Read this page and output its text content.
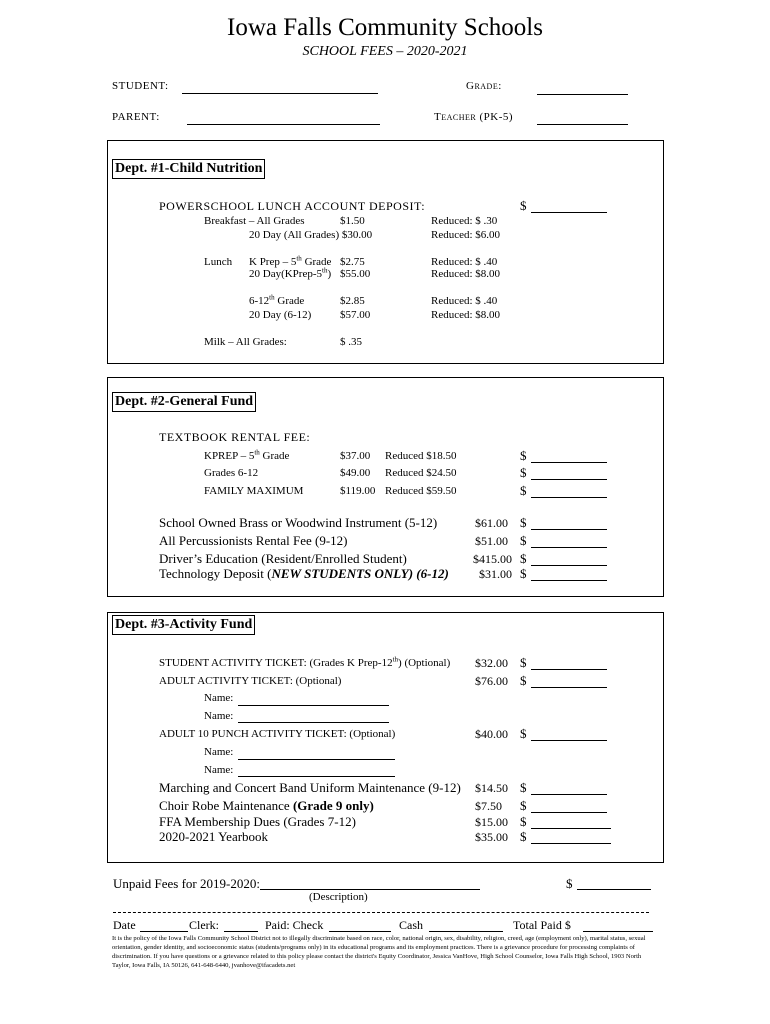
Iowa Falls Community Schools
SCHOOL FEES – 2020-2021
STUDENT:	Grade:
PARENT:	Teacher (PK-5)
Dept. #1-Child Nutrition
POWERSCHOOL LUNCH ACCOUNT DEPOSIT:	$
Breakfast – All Grades	$1.50	Reduced: $ .30
20 Day (All Grades) $30.00	Reduced: $6.00
Lunch K Prep – 5th Grade $2.75	Reduced: $ .40
20 Day(KPrep-5th) $55.00	Reduced: $8.00
6-12th Grade	$2.85	Reduced: $ .40
20 Day (6-12)	$57.00	Reduced: $8.00
Milk – All Grades:	$ .35
Dept. #2-General Fund
TEXTBOOK RENTAL FEE:
KPREP – 5th Grade	$37.00 Reduced $18.50	$
Grades 6-12	$49.00 Reduced $24.50	$
FAMILY MAXIMUM	$119.00 Reduced $59.50	$
School Owned Brass or Woodwind Instrument (5-12)	$61.00 $
All Percussionists Rental Fee (9-12)	$51.00 $
Driver’s Education (Resident/Enrolled Student)	$415.00 $
Technology Deposit (NEW STUDENTS ONLY) (6-12)	$31.00 $
Dept. #3-Activity Fund
STUDENT ACTIVITY TICKET: (Grades K Prep-12th) (Optional) $32.00 $
ADULT ACTIVITY TICKET: (Optional)	$76.00 $
Name:
Name:
ADULT 10 PUNCH ACTIVITY TICKET: (Optional)	$40.00 $
Name:
Name:
Marching and Concert Band Uniform Maintenance (9-12) $14.50 $
Choir Robe Maintenance (Grade 9 only)	$7.50 $
FFA Membership Dues (Grades 7-12)	$15.00 $
2020-2021 Yearbook	$35.00 $
Unpaid Fees for 2019-2020:
(Description)
$
Date	Clerk:	Paid: Check	Cash	Total Paid $
It is the policy of the Iowa Falls Community School District not to illegally discriminate based on race, color, national origin, sex, disability, religion, creed, age (employment only), marital status, sexual orientation, gender identity, and socioeconomic status (students/programs only) in its educational programs and its employment practices. There is a grievance procedure for processing complaints of discrimination. If you have questions or a grievance related to this policy please contact the district's Equity Coordinator, Jessica VanHove, High School Counselor, Iowa Falls High School, 1903 North Taylor, Iowa Falls, IA 50126, 641-648-6440, jvanhove@ifacadets.net
